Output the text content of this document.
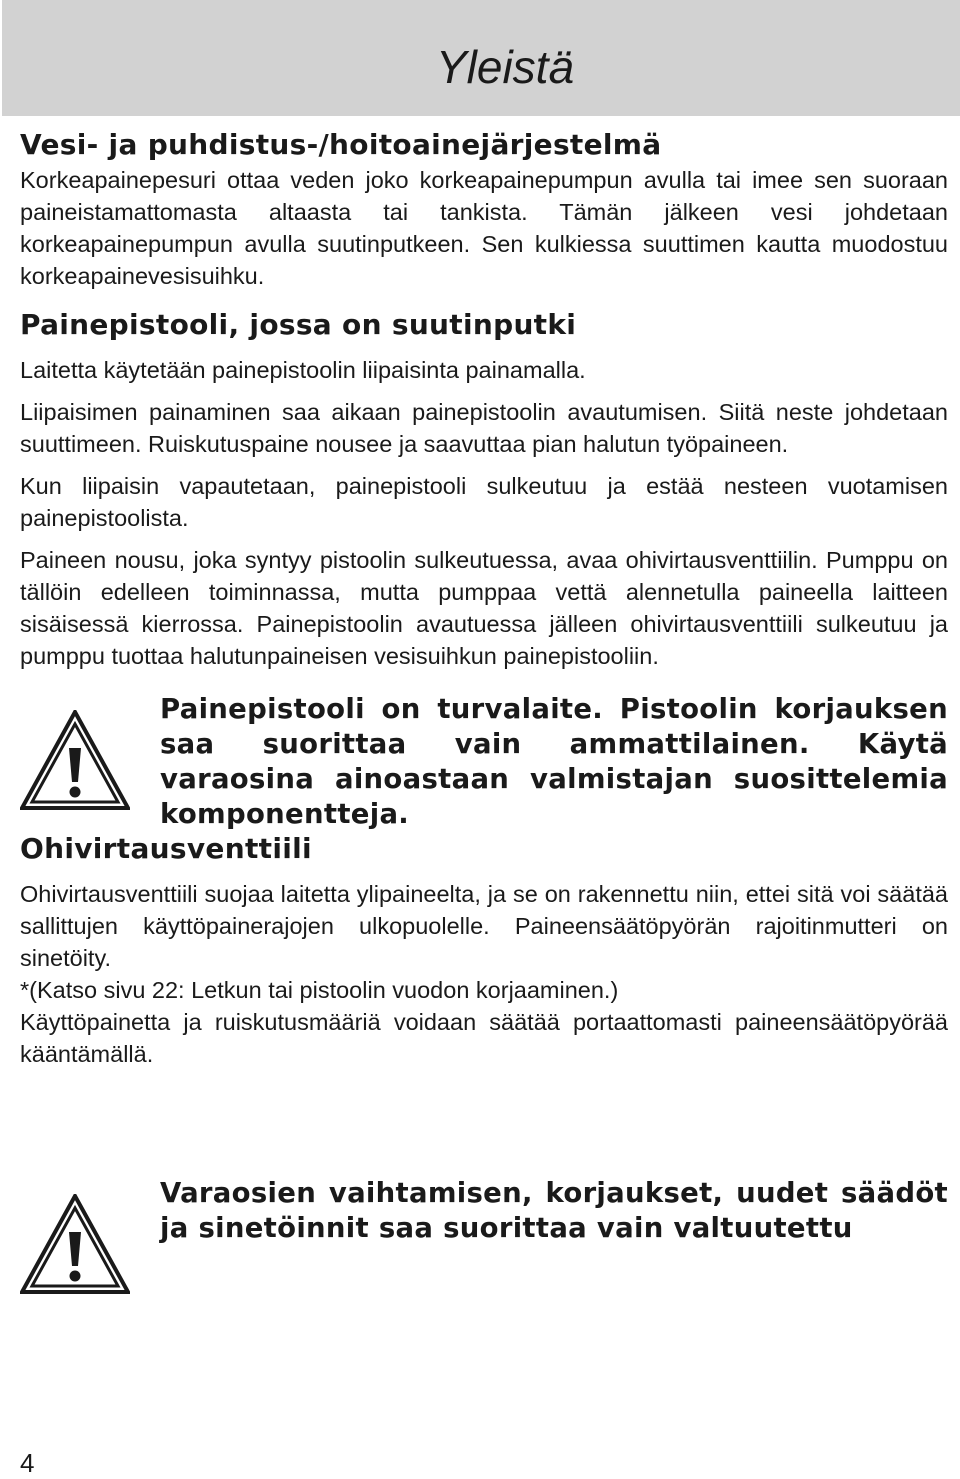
Yleistä
Vesi- ja puhdistus-/hoitoainejärjestelmä

Korkeapainepesuri ottaa veden joko korkeapainepumpun avulla tai imee sen suoraan paineistamattomasta altaasta tai tankista. Tämän jälkeen vesi johdetaan korkeapainepumpun avulla suutinputkeen. Sen kulkiessa suuttimen kautta muodostuu korkeapainevesisuihku.

Painepistooli, jossa on suutinputki

Laitetta käytetään painepistoolin liipaisinta painamalla.

Liipaisimen painaminen saa aikaan painepistoolin avautumisen. Siitä neste johdetaan suuttimeen. Ruiskutuspaine nousee ja saavuttaa pian halutun työpaineen.

Kun liipaisin vapautetaan, painepistooli sulkeutuu ja estää nesteen vuotamisen painepistoolista.

Paineen nousu, joka syntyy pistoolin sulkeutuessa, avaa ohivirtausventtiilin. Pumppu on tällöin edelleen toiminnassa, mutta pumppaa vettä alennetulla paineella laitteen sisäisessä kierrossa. Painepistoolin avautuessa jälleen ohivirtausventtiili sulkeutuu ja pumppu tuottaa halutunpaineisen vesisuihkun painepistooliin.

Painepistooli on turvalaite. Pistoolin korjauksen saa suorittaa vain ammattilainen. Käytä varaosina ainoastaan valmistajan suosittelemia komponentteja.
Ohivirtausventtiili

Ohivirtausventtiili suojaa laitetta ylipaineelta, ja se on rakennettu niin, ettei sitä voi säätää sallittujen käyttöpainerajojen ulkopuolelle. Paineensäätöpyörän rajoitinmutteri on sinetöity.

*(Katso sivu 22: Letkun tai pistoolin vuodon korjaaminen.)

Käyttöpainetta ja ruiskutusmääriä voidaan säätää portaattomasti paineensäätöpyörää kääntämällä.

Varaosien vaihtamisen, korjaukset, uudet säädöt ja sinetöinnit saa suorittaa vain valtuutettu
4
